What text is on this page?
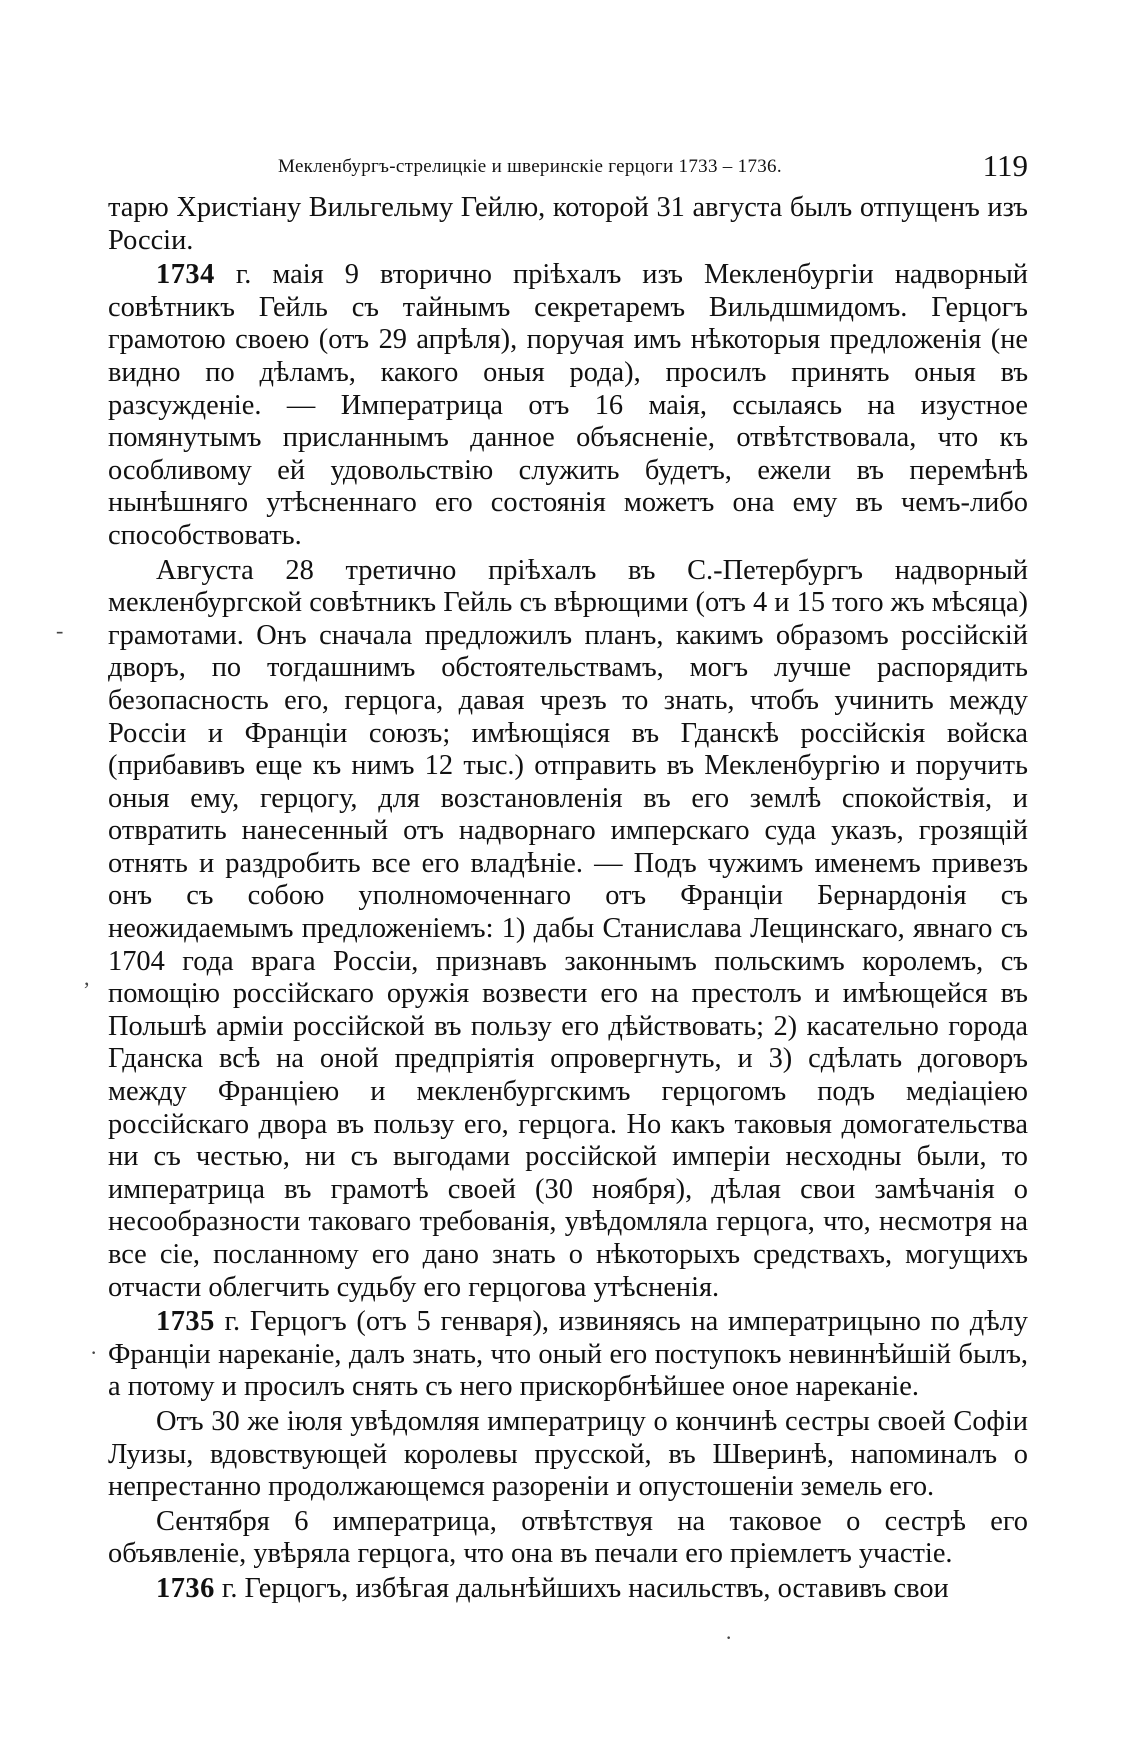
Мекленбургъ-стрелицкіе и шверинскіе герцоги 1733 – 1736.	119

тарю Христіану Вильгельму Гейлю, которой 31 августа былъ отпущенъ изъ Россіи.

1734 г. маія 9 вторично пріѣхалъ изъ Мекленбургіи надворный совѣтникъ Гейль съ тайнымъ секретаремъ Вильдшмидомъ. Герцогъ грамотою своею (отъ 29 апрѣля), поручая имъ нѣкоторыя предложенія (не видно по дѣламъ, какого оныя рода), просилъ принять оныя въ разсужденіе. — Императрица отъ 16 маія, ссылаясь на изустное помянутымъ присланнымъ данное объясненіе, отвѣтствовала, что къ особливому ей удовольствію служить будетъ, ежели въ перемѣнѣ нынѣшняго утѣсненнаго его состоянія можетъ она ему въ чемъ-либо способствовать.

Августа 28 третично пріѣхалъ въ С.-Петербургъ надворный мекленбургской совѣтникъ Гейль съ вѣрющими (отъ 4 и 15 того жъ мѣсяца) грамотами. Онъ сначала предложилъ планъ, какимъ образомъ россійскій дворъ, по тогдашнимъ обстоятельствамъ, могъ лучше распорядить безопасность его, герцога, давая чрезъ то знать, чтобъ учинить между Россіи и Франціи союзъ; имѣющіяся въ Гданскѣ россійскія войска (прибавивъ еще къ нимъ 12 тыс.) отправить въ Мекленбургію и поручить оныя ему, герцогу, для возстановленія въ его землѣ спокойствія, и отвратить нанесенный отъ надворнаго имперскаго суда указъ, грозящій отнять и раздробить все его владѣніе. — Подъ чужимъ именемъ привезъ онъ съ собою уполномоченнаго отъ Франціи Бернардонія съ неожидаемымъ предложеніемъ: 1) дабы Станислава Лещинскаго, явнаго съ 1704 года врага Россіи, признавъ законнымъ польскимъ королемъ, съ помощію россійскаго оружія возвести его на престолъ и имѣющейся въ Польшѣ арміи россійской въ пользу его дѣйствовать; 2) касательно города Гданска всѣ на оной предпріятія опровергнуть, и 3) сдѣлать договоръ между Франціею и мекленбургскимъ герцогомъ подъ медіаціею россійскаго двора въ пользу его, герцога. Но какъ таковыя домогательства ни съ честью, ни съ выгодами россійской имперіи несходны были, то императрица въ грамотѣ своей (30 ноября), дѣлая свои замѣчанія о несообразности таковаго требованія, увѣдомляла герцога, что, несмотря на все сіе, посланному его дано знать о нѣкоторыхъ средствахъ, могущихъ отчасти облегчить судьбу его герцогова утѣсненія.

1735 г. Герцогъ (отъ 5 генваря), извиняясь на императрицыно по дѣлу Франціи нареканіе, далъ знать, что оный его поступокъ невиннѣйшій былъ, а потому и просилъ снять съ него прискорбнѣйшее оное нареканіе.

Отъ 30 же іюля увѣдомляя императрицу о кончинѣ сестры своей Софіи Луизы, вдовствующей королевы прусской, въ Шверинѣ, напоминалъ о непрестанно продолжающемся разореніи и опустошеніи земель его.

Сентября 6 императрица, отвѣтствуя на таковое о сестрѣ его объявленіе, увѣряла герцога, что она въ печали его пріемлетъ участіе.

1736 г. Герцогъ, избѣгая дальнѣйшихъ насильствъ, оставивъ свои

-
,
·
·
